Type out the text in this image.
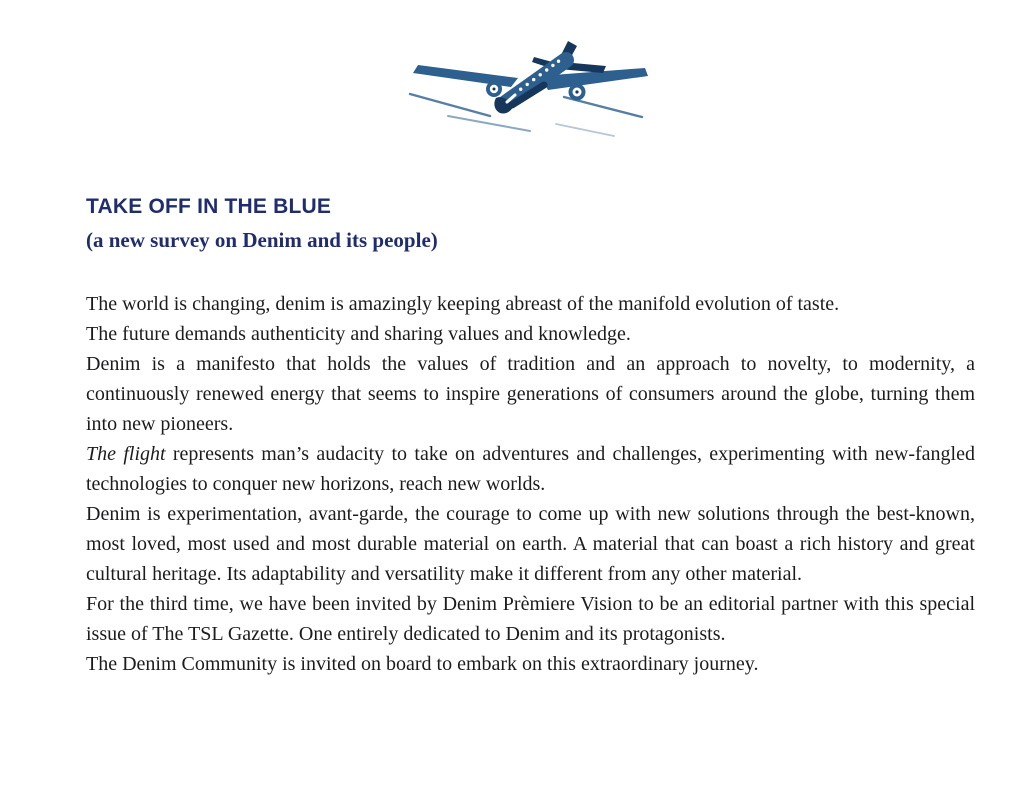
TAKE OFF IN THE BLUE
(a new survey on Denim and its people)

The world is changing, denim is amazingly keeping abreast of the manifold evolution of taste.

The future demands authenticity and sharing values and knowledge.

Denim is a manifesto that holds the values of tradition and an approach to novelty, to modernity, a continuously renewed energy that seems to inspire generations of consumers around the globe, turning them into new pioneers.

The flight represents man’s audacity to take on adventures and challenges, experimenting with new-fangled technologies to conquer new horizons, reach new worlds.

Denim is experimentation, avant-garde, the courage to come up with new solutions through the best-known, most loved, most used and most durable material on earth. A material that can boast a rich history and great cultural heritage. Its adaptability and versatility make it different from any other material.

For the third time, we have been invited by Denim Prèmiere Vision to be an editorial partner with this special issue of The TSL Gazette. One entirely dedicated to Denim and its protagonists.

The Denim Community is invited on board to embark on this extraordinary journey.
